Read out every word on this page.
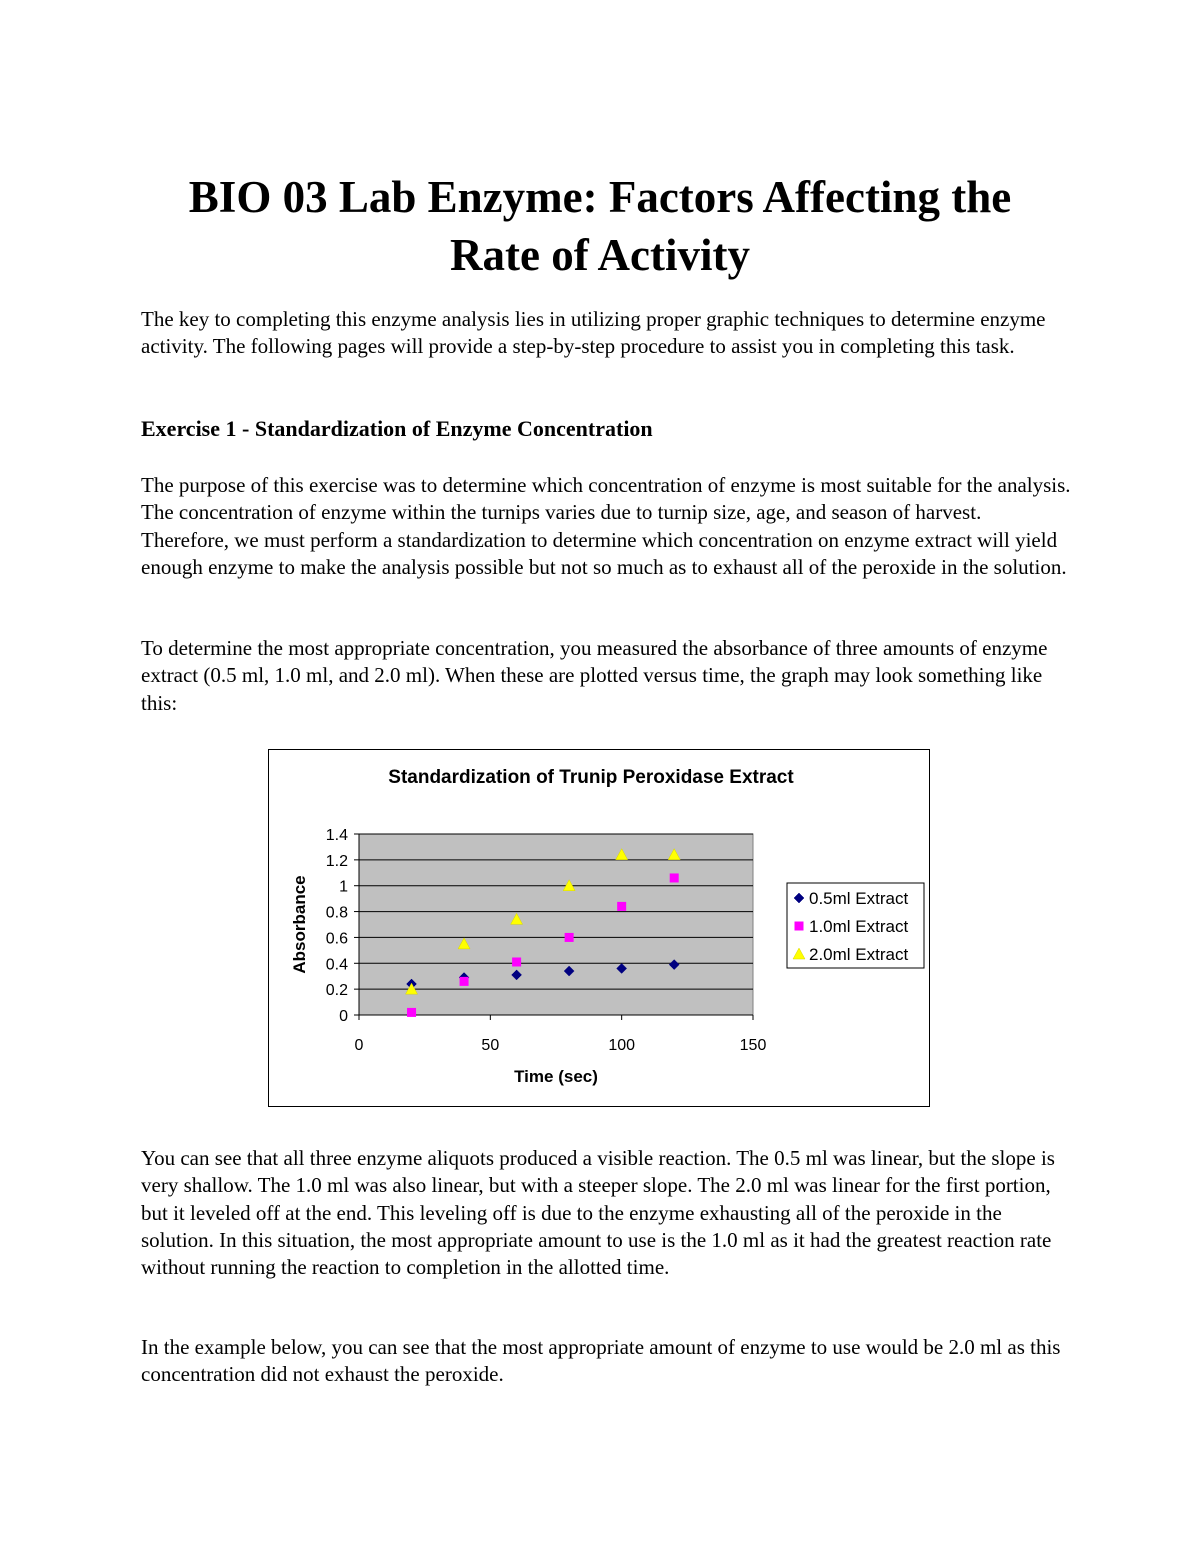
BIO 03 Lab Enzyme: Factors Affecting the
Rate of Activity

The key to completing this enzyme analysis lies in utilizing proper graphic techniques to determine enzyme activity. The following pages will provide a step-by-step procedure to assist you in completing this task.

Exercise 1 - Standardization of Enzyme Concentration

The purpose of this exercise was to determine which concentration of enzyme is most suitable for the analysis. The concentration of enzyme within the turnips varies due to turnip size, age, and season of harvest. Therefore, we must perform a standardization to determine which concentration on enzyme extract will yield enough enzyme to make the analysis possible but not so much as to exhaust all of the peroxide in the solution.

To determine the most appropriate concentration, you measured the absorbance of three amounts of enzyme extract (0.5 ml, 1.0 ml, and 2.0 ml). When these are plotted versus time, the graph may look something like this:

Standardization of Trunip Peroxidase Extract
0
0.2
0.4
0.6
0.8
1
1.2
1.4
0	50	100	150
Time (sec)
Absorbance	0.5ml Extract
1.0ml Extract
2.0ml Extract

You can see that all three enzyme aliquots produced a visible reaction. The 0.5 ml was linear, but the slope is very shallow. The 1.0 ml was also linear, but with a steeper slope. The 2.0 ml was linear for the first portion, but it leveled off at the end. This leveling off is due to the enzyme exhausting all of the peroxide in the solution. In this situation, the most appropriate amount to use is the 1.0 ml as it had the greatest reaction rate without running the reaction to completion in the allotted time.

In the example below, you can see that the most appropriate amount of enzyme to use would be 2.0 ml as this concentration did not exhaust the peroxide.
